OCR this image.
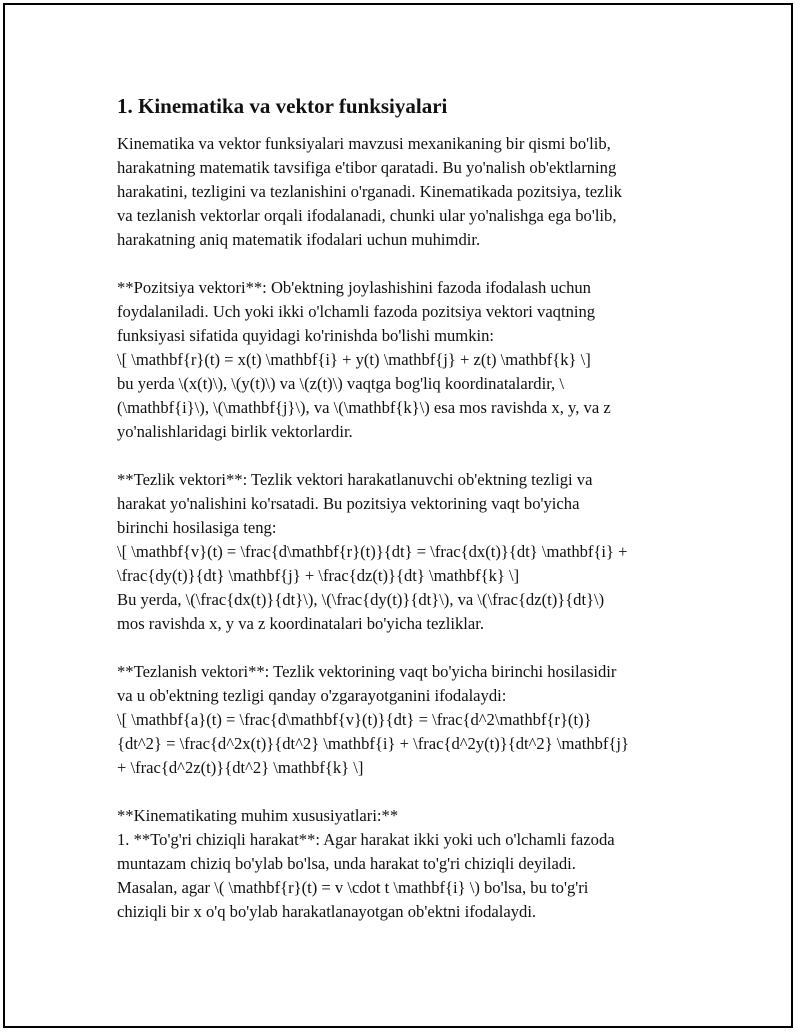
1. Kinematika va vektor funksiyalari
Kinematika va vektor funksiyalari mavzusi mexanikaning bir qismi bo'lib,
harakatning matematik tavsifiga e'tibor qaratadi. Bu yo'nalish ob'ektlarning
harakatini, tezligini va tezlanishini o'rganadi. Kinematikada pozitsiya, tezlik
va tezlanish vektorlar orqali ifodalanadi, chunki ular yo'nalishga ega bo'lib,
harakatning aniq matematik ifodalari uchun muhimdir.
**Pozitsiya vektori**: Ob'ektning joylashishini fazoda ifodalash uchun
foydalaniladi. Uch yoki ikki o'lchamli fazoda pozitsiya vektori vaqtning
funksiyasi sifatida quyidagi ko'rinishda bo'lishi mumkin:
\[ \mathbf{r}(t) = x(t) \mathbf{i} + y(t) \mathbf{j} + z(t) \mathbf{k} \]
bu yerda \(x(t)\), \(y(t)\) va \(z(t)\) vaqtga bog'liq koordinatalardir, \
(\mathbf{i}\), \(\mathbf{j}\), va \(\mathbf{k}\) esa mos ravishda x, y, va z
yo'nalishlaridagi birlik vektorlardir.
**Tezlik vektori**: Tezlik vektori harakatlanuvchi ob'ektning tezligi va
harakat yo'nalishini ko'rsatadi. Bu pozitsiya vektorining vaqt bo'yicha
birinchi hosilasiga teng:
\[ \mathbf{v}(t) = \frac{d\mathbf{r}(t)}{dt} = \frac{dx(t)}{dt} \mathbf{i} +
\frac{dy(t)}{dt} \mathbf{j} + \frac{dz(t)}{dt} \mathbf{k} \]
Bu yerda, \(\frac{dx(t)}{dt}\), \(\frac{dy(t)}{dt}\), va \(\frac{dz(t)}{dt}\)
mos ravishda x, y va z koordinatalari bo'yicha tezliklar.
**Tezlanish vektori**: Tezlik vektorining vaqt bo'yicha birinchi hosilasidir
va u ob'ektning tezligi qanday o'zgarayotganini ifodalaydi:
\[ \mathbf{a}(t) = \frac{d\mathbf{v}(t)}{dt} = \frac{d^2\mathbf{r}(t)}
{dt^2} = \frac{d^2x(t)}{dt^2} \mathbf{i} + \frac{d^2y(t)}{dt^2} \mathbf{j}
+ \frac{d^2z(t)}{dt^2} \mathbf{k} \]
**Kinematikating muhim xususiyatlari:**
1. **To'g'ri chiziqli harakat**: Agar harakat ikki yoki uch o'lchamli fazoda
muntazam chiziq bo'ylab bo'lsa, unda harakat to'g'ri chiziqli deyiladi.
Masalan, agar \( \mathbf{r}(t) = v \cdot t \mathbf{i} \) bo'lsa, bu to'g'ri
chiziqli bir x o'q bo'ylab harakatlanayotgan ob'ektni ifodalaydi.
